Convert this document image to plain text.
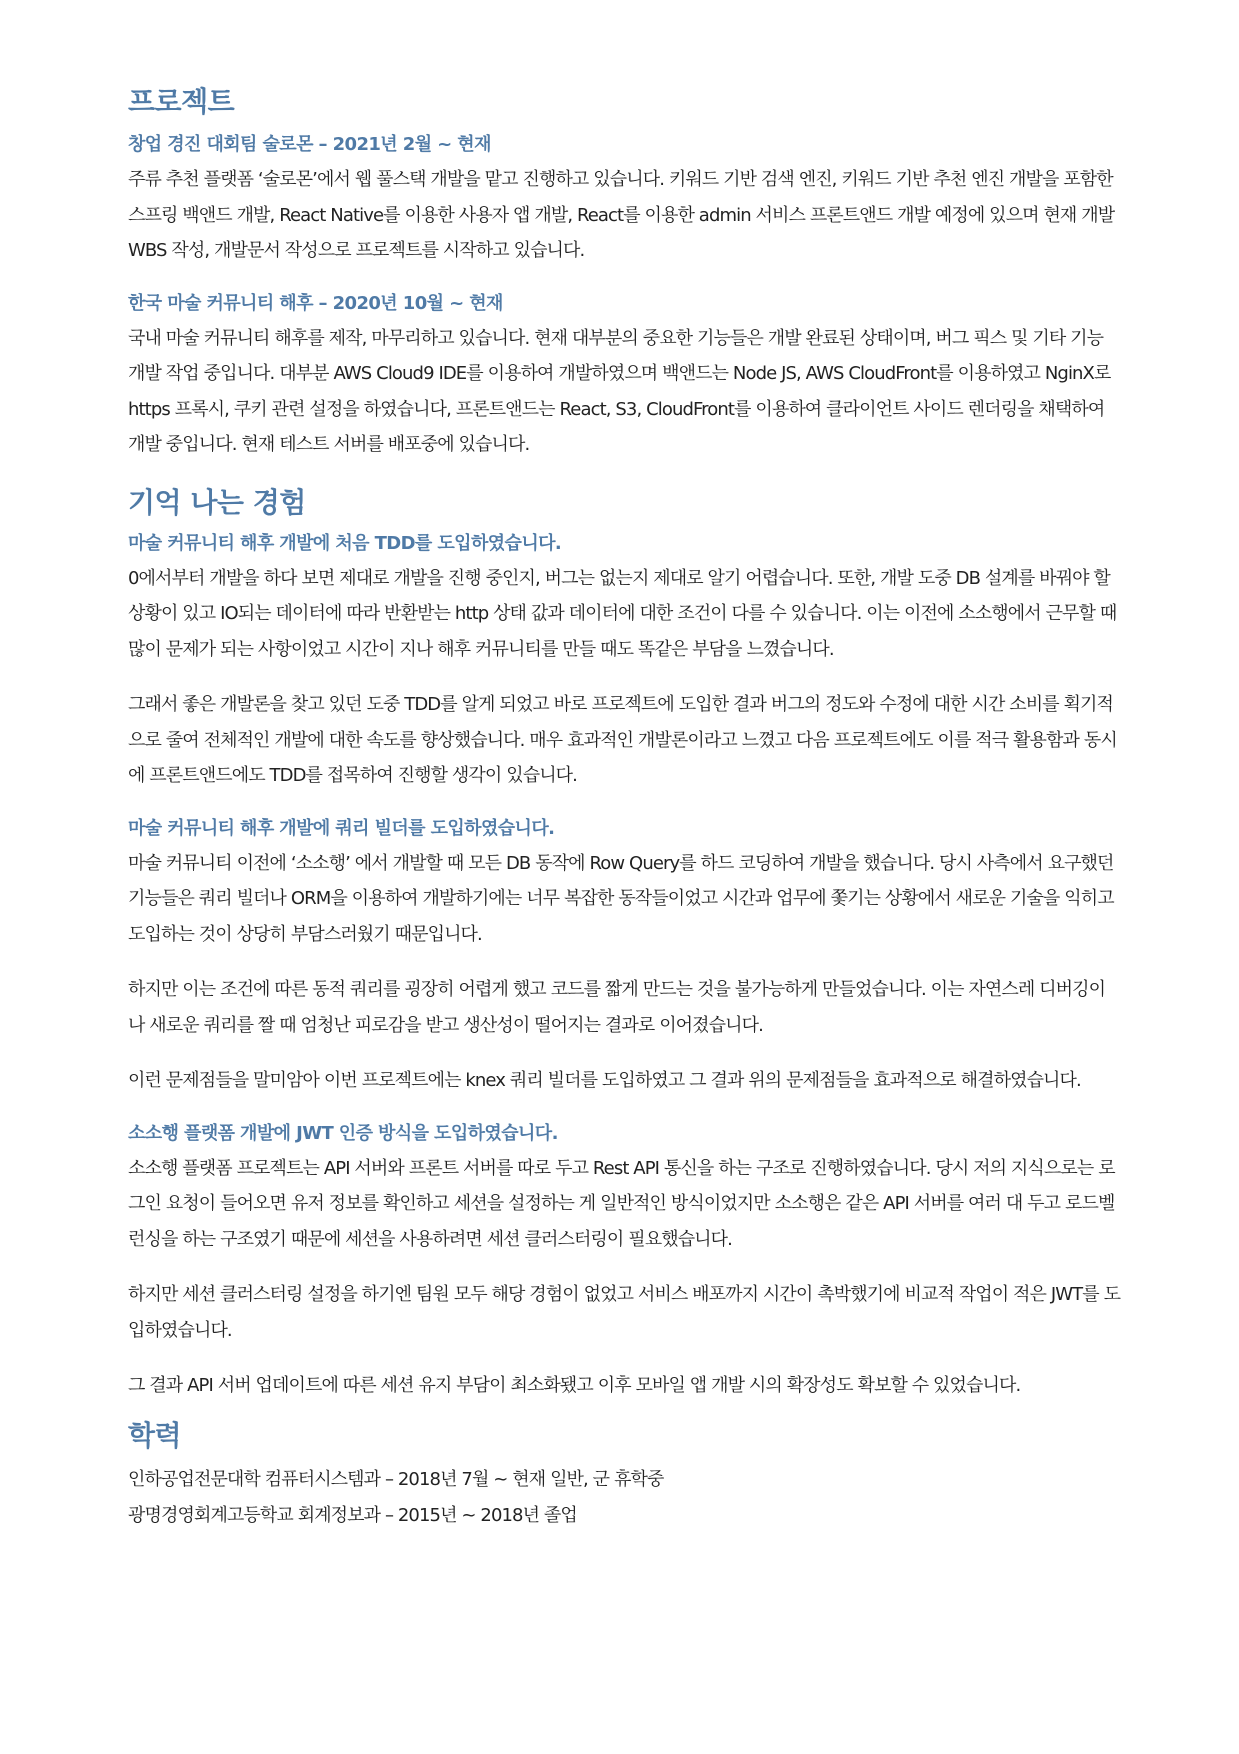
프로젝트
창업 경진 대회팀 술로몬 – 2021년 2월 ~ 현재

주류 추천 플랫폼 ‘술로몬’에서 웹 풀스택 개발을 맡고 진행하고 있습니다. 키워드 기반 검색 엔진, 키워드 기반 추천 엔진 개발을 포함한 스프링 백앤드 개발, React Native를 이용한 사용자 앱 개발, React를 이용한 admin 서비스 프론트앤드 개발 예정에 있으며 현재 개발 WBS 작성, 개발문서 작성으로 프로젝트를 시작하고 있습니다.

한국 마술 커뮤니티 해후 – 2020년 10월 ~ 현재

국내 마술 커뮤니티 해후를 제작, 마무리하고 있습니다. 현재 대부분의 중요한 기능들은 개발 완료된 상태이며, 버그 픽스 및 기타 기능 개발 작업 중입니다. 대부분 AWS Cloud9 IDE를 이용하여 개발하였으며 백앤드는 Node JS, AWS CloudFront를 이용하였고 NginX로 https 프록시, 쿠키 관련 설정을 하였습니다, 프론트앤드는 React, S3, CloudFront를 이용하여 클라이언트 사이드 렌더링을 채택하여 개발 중입니다. 현재 테스트 서버를 배포중에 있습니다.

기억 나는 경험
마술 커뮤니티 해후 개발에 처음 TDD를 도입하였습니다.

0에서부터 개발을 하다 보면 제대로 개발을 진행 중인지, 버그는 없는지 제대로 알기 어렵습니다. 또한, 개발 도중 DB 설계를 바꿔야 할 상황이 있고 IO되는 데이터에 따라 반환받는 http 상태 값과 데이터에 대한 조건이 다를 수 있습니다. 이는 이전에 소소행에서 근무할 때 많이 문제가 되는 사항이었고 시간이 지나 해후 커뮤니티를 만들 때도 똑같은 부담을 느꼈습니다.

그래서 좋은 개발론을 찾고 있던 도중 TDD를 알게 되었고 바로 프로젝트에 도입한 결과 버그의 정도와 수정에 대한 시간 소비를 획기적으로 줄여 전체적인 개발에 대한 속도를 향상했습니다. 매우 효과적인 개발론이라고 느꼈고 다음 프로젝트에도 이를 적극 활용함과 동시에 프론트앤드에도 TDD를 접목하여 진행할 생각이 있습니다.

마술 커뮤니티 해후 개발에 쿼리 빌더를 도입하였습니다.

마술 커뮤니티 이전에 ‘소소행’ 에서 개발할 때 모든 DB 동작에 Row Query를 하드 코딩하여 개발을 했습니다. 당시 사측에서 요구했던 기능들은 쿼리 빌더나 ORM을 이용하여 개발하기에는 너무 복잡한 동작들이었고 시간과 업무에 쫓기는 상황에서 새로운 기술을 익히고 도입하는 것이 상당히 부담스러웠기 때문입니다.

하지만 이는 조건에 따른 동적 쿼리를 굉장히 어렵게 했고 코드를 짧게 만드는 것을 불가능하게 만들었습니다. 이는 자연스레 디버깅이나 새로운 쿼리를 짤 때 엄청난 피로감을 받고 생산성이 떨어지는 결과로 이어졌습니다.

이런 문제점들을 말미암아 이번 프로젝트에는 knex 쿼리 빌더를 도입하였고 그 결과 위의 문제점들을 효과적으로 해결하였습니다.

소소행 플랫폼 개발에 JWT 인증 방식을 도입하였습니다.

소소행 플랫폼 프로젝트는 API 서버와 프론트 서버를 따로 두고 Rest API 통신을 하는 구조로 진행하였습니다. 당시 저의 지식으로는 로그인 요청이 들어오면 유저 정보를 확인하고 세션을 설정하는 게 일반적인 방식이었지만 소소행은 같은 API 서버를 여러 대 두고 로드벨런싱을 하는 구조였기 때문에 세션을 사용하려면 세션 클러스터링이 필요했습니다.

하지만 세션 클러스터링 설정을 하기엔 팀원 모두 해당 경험이 없었고 서비스 배포까지 시간이 촉박했기에 비교적 작업이 적은 JWT를 도입하였습니다.

그 결과 API 서버 업데이트에 따른 세션 유지 부담이 최소화됐고 이후 모바일 앱 개발 시의 확장성도 확보할 수 있었습니다.

학력
인하공업전문대학 컴퓨터시스템과 – 2018년 7월 ~ 현재 일반, 군 휴학중
광명경영회계고등학교 회계정보과 – 2015년 ~ 2018년 졸업
